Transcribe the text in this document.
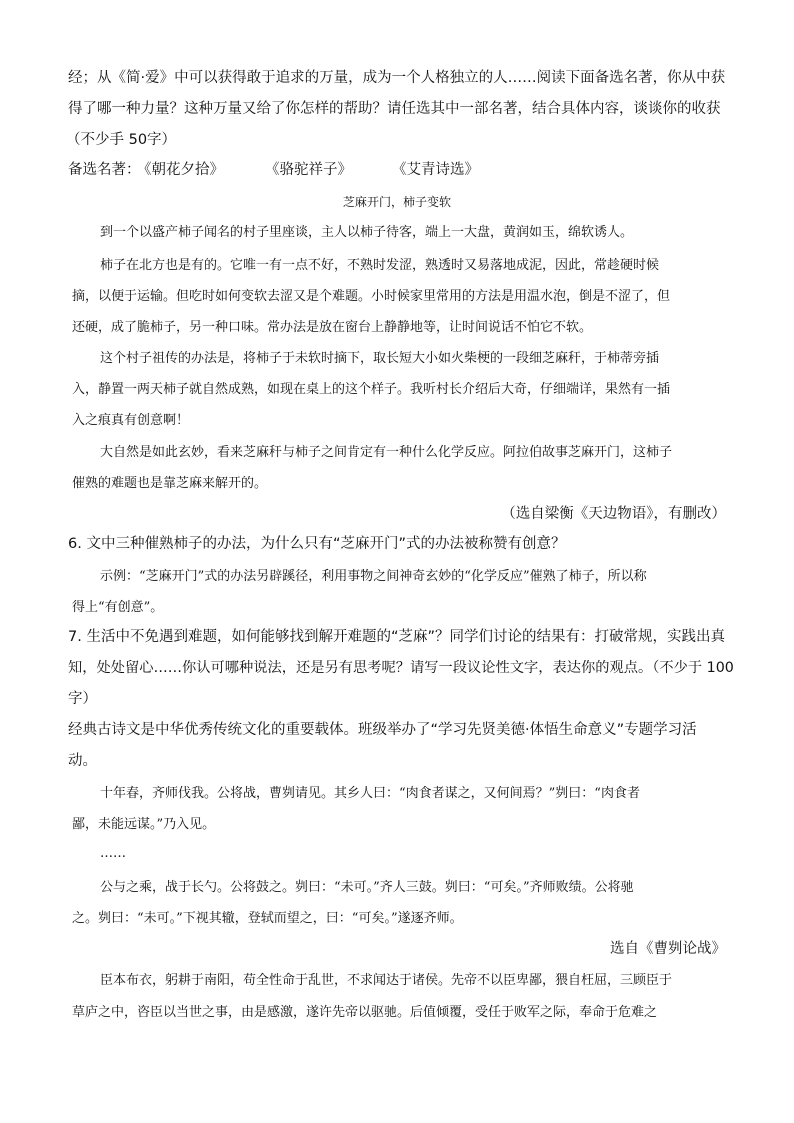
经；从《简·爱》中可以获得敢于追求的万量，成为一个人格独立的人……阅读下面备选名著，你从中获
得了哪一种力量？这种万量又给了你怎样的帮助？请任选其中一部名著，结合具体内容，谈谈你的收获
（不少手 50字）
备选名著：
《朝花夕拾》	《骆驼祥子》	《艾青诗选》
芝麻开门，柿子变软
到一个以盛产柿子闻名的村子里座谈，主人以柿子待客，端上一大盘，黄润如玉，绵软诱人。
柿子在北方也是有的。它唯一有一点不好，不熟时发涩，熟透时又易落地成泥，因此，常趁硬时候
摘，以便于运输。但吃时如何变软去涩又是个难题。小时候家里常用的方法是用温水泡，倒是不涩了，但
还硬，成了脆柿子，另一种口味。常办法是放在窗台上静静地等，让时间说话不怕它不软。
这个村子祖传的办法是，将柿子于未软时摘下，取长短大小如火柴梗的一段细芝麻秆，于柿蒂旁插
入，静置一两天柿子就自然成熟，如现在桌上的这个样子。我听村长介绍后大奇，仔细端详，果然有一插
入之痕真有创意啊！
大自然是如此玄妙，看来芝麻秆与柿子之间肯定有一种什么化学反应。阿拉伯故事芝麻开门，这柿子
催熟的难题也是靠芝麻来解开的。
（选自梁衡《天边物语》，有删改）
6. 文中三种催熟柿子的办法，为什么只有“芝麻开门”式的办法被称赞有创意？
示例：“芝麻开门”式的办法另辟蹊径，利用事物之间神奇玄妙的“化学反应”催熟了柿子，所以称
得上“有创意”。
7. 生活中不免遇到难题，如何能够找到解开难题的“芝麻”？同学们讨论的结果有：打破常规，实践出真
知，处处留心……你认可哪种说法，还是另有思考呢？请写一段议论性文字，表达你的观点。（不少于 100
字）
经典古诗文是中华优秀传统文化的重要载体。班级举办了“学习先贤美德·体悟生命意义”专题学习活
动。
十年春，齐师伐我。公将战，曹刿请见。其乡人曰：“肉食者谋之，又何间焉？”刿曰：“肉食者
鄙，未能远谋。”乃入见。
……
公与之乘，战于长勺。公将鼓之。刿曰：“未可。”齐人三鼓。刿曰：“可矣。”齐师败绩。公将驰
之。刿曰：“未可。”下视其辙，登轼而望之，曰：“可矣。”遂逐齐师。
选自《曹刿论战》
臣本布衣，躬耕于南阳，苟全性命于乱世，不求闻达于诸侯。先帝不以臣卑鄙，猥自枉屈，三顾臣于
草庐之中，咨臣以当世之事，由是感激，遂许先帝以驱驰。后值倾覆，受任于败军之际，奉命于危难之
